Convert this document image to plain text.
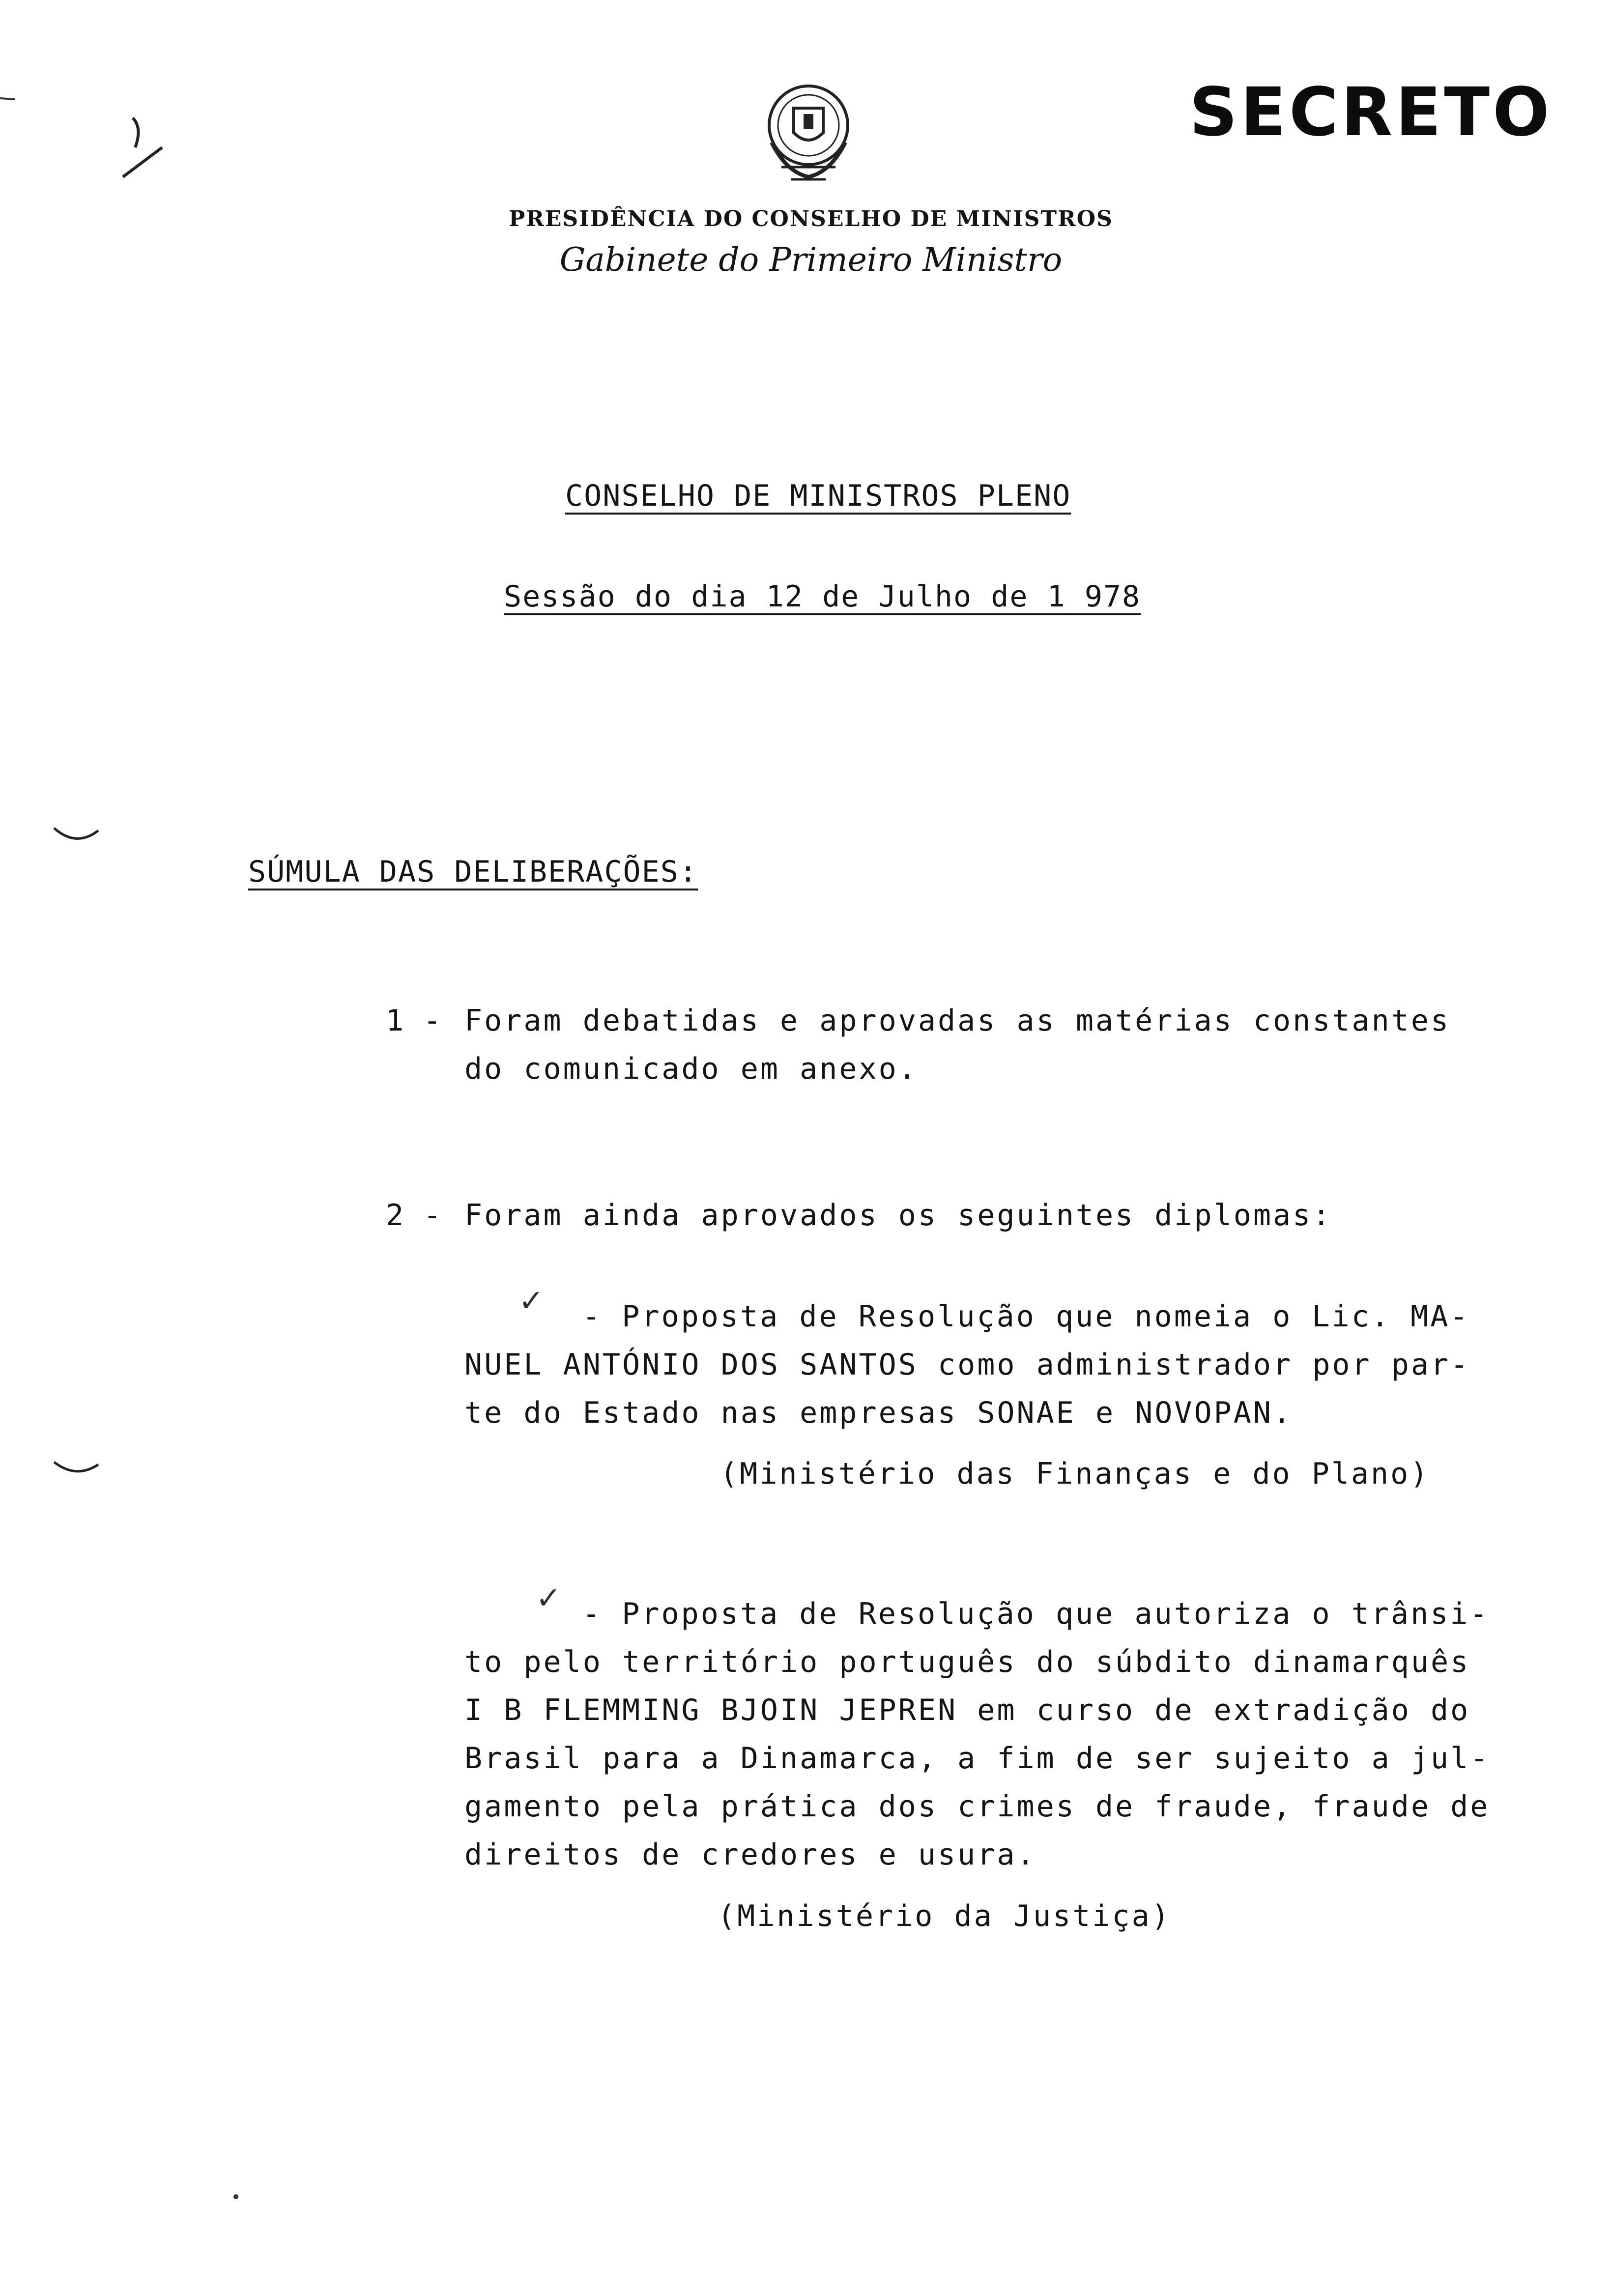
SECRETO
PRESIDÊNCIA DO CONSELHO DE MINISTROS
Gabinete do Primeiro Ministro
CONSELHO DE MINISTROS PLENO
Sessão do dia 12 de Julho de 1 978
SÚMULA DAS DELIBERAÇÕES:
1 - Foram debatidas e aprovadas as matérias constantes
do comunicado em anexo.
2 - Foram ainda aprovados os seguintes diplomas:
✓ - Proposta de Resolução que nomeia o Lic. MA-
NUEL ANTÓNIO DOS SANTOS como administrador por par-
te do Estado nas empresas SONAE e NOVOPAN.
(Ministério das Finanças e do Plano)
✓ - Proposta de Resolução que autoriza o trânsi-
to pelo território português do súbdito dinamarquês
I B FLEMMING BJOIN JEPREN em curso de extradição do
Brasil para a Dinamarca, a fim de ser sujeito a jul-
gamento pela prática dos crimes de fraude, fraude de
direitos de credores e usura.
(Ministério da Justiça)
